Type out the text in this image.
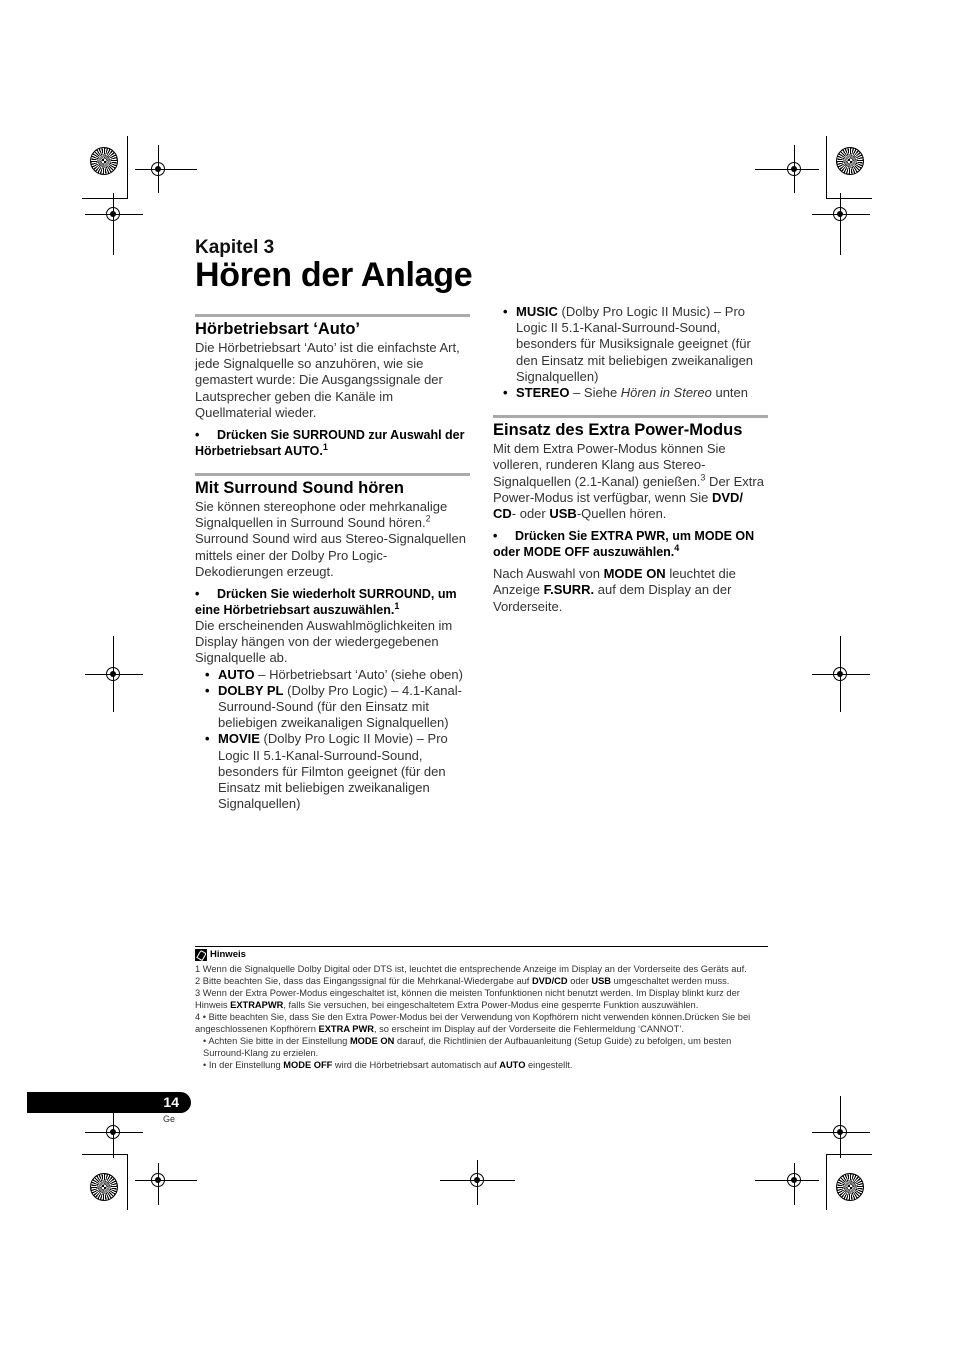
Kapitel 3
Hören der Anlage
Hörbetriebsart ‘Auto’

Die Hörbetriebsart ‘Auto’ ist die einfachste Art, jede Signalquelle so anzuhören, wie sie gemastert wurde: Die Ausgangssignale der Lautsprecher geben die Kanäle im Quellmaterial wieder.

• Drücken Sie SURROUND zur Auswahl der Hörbetriebsart AUTO.$^1$

Mit Surround Sound hören

Sie können stereophone oder mehrkanalige Signalquellen in Surround Sound hören.$^2$

Surround Sound wird aus Stereo-Signalquellen mittels einer der Dolby Pro Logic-Dekodierungen erzeugt.

• Drücken Sie wiederholt SURROUND, um eine Hörbetriebsart auszuwählen.$^1$

Die erscheinenden Auswahlmöglichkeiten im Display hängen von der wiedergegebenen Signalquelle ab.

• AUTO – Hörbetriebsart ‘Auto’ (siehe oben)
• DOLBY PL (Dolby Pro Logic) – 4.1-Kanal-Surround-Sound (für den Einsatz mit beliebigen zweikanaligen Signalquellen)
• MOVIE (Dolby Pro Logic II Movie) – Pro Logic II 5.1-Kanal-Surround-Sound, besonders für Filmton geeignet (für den Einsatz mit beliebigen zweikanaligen Signalquellen)
• MUSIC (Dolby Pro Logic II Music) – Pro Logic II 5.1-Kanal-Surround-Sound, besonders für Musiksignale geeignet (für den Einsatz mit beliebigen zweikanaligen Signalquellen)
• STEREO – Siehe Hören in Stereo unten
Einsatz des Extra Power-Modus

Mit dem Extra Power-Modus können Sie volleren, runderen Klang aus Stereo-Signalquellen (2.1-Kanal) genießen.$^3$ Der Extra Power-Modus ist verfügbar, wenn Sie DVD/ CD- oder USB-Quellen hören.

• Drücken Sie EXTRA PWR, um MODE ON oder MODE OFF auszuwählen.$^4$

Nach Auswahl von MODE ON leuchtet die Anzeige F.SURR. auf dem Display an der Vorderseite.

Hinweis

1 Wenn die Signalquelle Dolby Digital oder DTS ist, leuchtet die entsprechende Anzeige im Display an der Vorderseite des Geräts auf.

2 Bitte beachten Sie, dass das Eingangssignal für die Mehrkanal-Wiedergabe auf DVD/CD oder USB umgeschaltet werden muss.

3 Wenn der Extra Power-Modus eingeschaltet ist, können die meisten Tonfunktionen nicht benutzt werden. Im Display blinkt kurz der Hinweis EXTRAPWR, falls Sie versuchen, bei eingeschaltetem Extra Power-Modus eine gesperrte Funktion auszuwählen.

4 • Bitte beachten Sie, dass Sie den Extra Power-Modus bei der Verwendung von Kopfhörern nicht verwenden können.Drücken Sie bei angeschlossenen Kopfhörern EXTRA PWR, so erscheint im Display auf der Vorderseite die Fehlermeldung ‘CANNOT’.

• Achten Sie bitte in der Einstellung MODE ON darauf, die Richtlinien der Aufbauanleitung (Setup Guide) zu befolgen, um besten Surround-Klang zu erzielen.

• In der Einstellung MODE OFF wird die Hörbetriebsart automatisch auf AUTO eingestellt.

14
Ge
